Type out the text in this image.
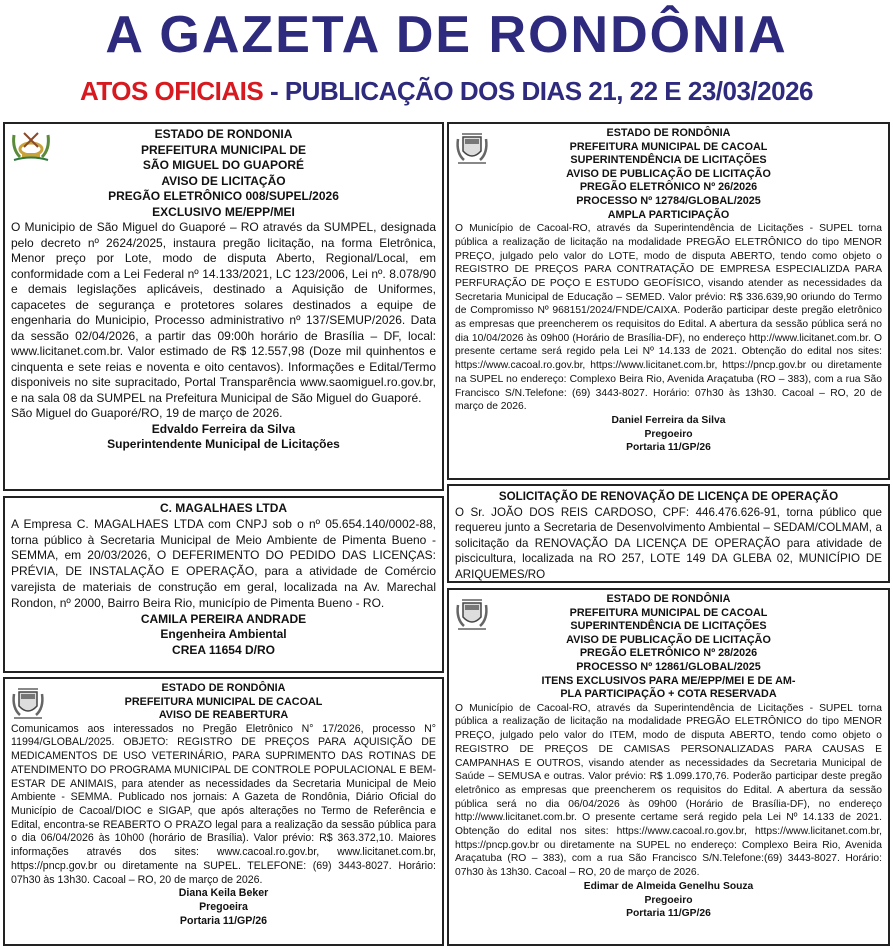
A GAZETA DE RONDÔNIA
ATOS OFICIAIS - PUBLICAÇÃO DOS DIAS 21, 22 E 23/03/2026
ESTADO DE RONDONIA
PREFEITURA MUNICIPAL DE
SÃO MIGUEL DO GUAPORÉ
AVISO DE LICITAÇÃO
PREGÃO ELETRÔNICO 008/SUPEL/2026
EXCLUSIVO ME/EPP/MEI
O Municipio de São Miguel do Guaporé – RO através da SUMPEL, designada pelo decreto nº 2624/2025, instaura pregão licitação, na forma Eletrônica, Menor preço por Lote, modo de disputa Aberto, Regional/Local, em conformidade com a Lei Federal nº 14.133/2021, LC 123/2006, Lei nº. 8.078/90 e demais legislações aplicáveis, destinado a Aquisição de Uniformes, capacetes de segurança e protetores solares destinados a equipe de engenharia do Municipio, Processo administrativo nº 137/SEMUP/2026. Data da sessão 02/04/2026, a partir das 09:00h horário de Brasília – DF, local: www.licitanet.com.br. Valor estimado de R$ 12.557,98 (Doze mil quinhentos e cinquenta e sete reias e noventa e oito centavos). Informações e Edital/Termo disponiveis no site supracitado, Portal Transparência www.saomiguel.ro.gov.br, e na sala 08 da SUMPEL na Prefeitura Municipal de São Miguel do Guaporé.
São Miguel do Guaporé/RO, 19 de março de 2026.
Edvaldo Ferreira da Silva
Superintendente Municipal de Licitações
C. MAGALHAES LTDA
A Empresa C. MAGALHAES LTDA com CNPJ sob o nº 05.654.140/0002-88, torna público à Secretaria Municipal de Meio Ambiente de Pimenta Bueno - SEMMA, em 20/03/2026, O DEFERIMENTO DO PEDIDO DAS LICENÇAS: PRÉVIA, DE INSTALAÇÃO E OPERAÇÃO, para a atividade de Comércio varejista de materiais de construção em geral, localizada na Av. Marechal Rondon, nº 2000, Bairro Beira Rio, município de Pimenta Bueno - RO.
CAMILA PEREIRA ANDRADE
Engenheira Ambiental
CREA 11654 D/RO
ESTADO DE RONDÔNIA
PREFEITURA MUNICIPAL DE CACOAL
AVISO DE REABERTURA
Comunicamos aos interessados no Pregão Eletrônico N° 17/2026, processo N° 11994/GLOBAL/2025. OBJETO: REGISTRO DE PREÇOS PARA AQUISIÇÃO DE MEDICAMENTOS DE USO VETERINÁRIO, PARA SUPRIMENTO DAS ROTINAS DE ATENDIMENTO DO PROGRAMA MUNICIPAL DE CONTROLE POPULACIONAL E BEM-ESTAR DE ANIMAIS, para atender as necessidades da Secretaria Municipal de Meio Ambiente - SEMMA. Publicado nos jornais: A Gazeta de Rondônia, Diário Oficial do Município de Cacoal/DIOC e SIGAP, que após alterações no Termo de Referência e Edital, encontra-se REABERTO O PRAZO legal para a realização da sessão pública para o dia 06/04/2026 às 10h00 (horário de Brasília). Valor prévio: R$ 363.372,10. Maiores informações através dos sites: www.cacoal.ro.gov.br, www.licitanet.com.br, https://pncp.gov.br ou diretamente na SUPEL. TELEFONE: (69) 3443-8027. Horário: 07h30 às 13h30. Cacoal – RO, 20 de março de 2026.
Diana Keila Beker
Pregoeira
Portaria 11/GP/26
ESTADO DE RONDÔNIA
PREFEITURA MUNICIPAL DE CACOAL
SUPERINTENDÊNCIA DE LICITAÇÕES
AVISO DE PUBLICAÇÃO DE LICITAÇÃO
PREGÃO ELETRÔNICO Nº 26/2026
PROCESSO Nº 12784/GLOBAL/2025
AMPLA PARTICIPAÇÃO
O Município de Cacoal-RO, através da Superintendência de Licitações - SUPEL torna pública a realização de licitação na modalidade PREGÃO ELETRÔNICO do tipo MENOR PREÇO, julgado pelo valor do LOTE, modo de disputa ABERTO, tendo como objeto o REGISTRO DE PREÇOS PARA CONTRATAÇÃO DE EMPRESA ESPECIALIZDA PARA PERFURAÇÃO DE POÇO E ESTUDO GEOFÍSICO, visando atender as necessidades da Secretaria Municipal de Educação – SEMED. Valor prévio: R$ 336.639,90 oriundo do Termo de Compromisso Nº 968151/2024/FNDE/CAIXA. Poderão participar deste pregão eletrônico as empresas que preencherem os requisitos do Edital. A abertura da sessão pública será no dia 10/04/2026 às 09h00 (Horário de Brasília-DF), no endereço http://www.licitanet.com.br. O presente certame será regido pela Lei Nº 14.133 de 2021. Obtenção do edital nos sites: https://www.cacoal.ro.gov.br, https://www.licitanet.com.br, https://pncp.gov.br ou diretamente na SUPEL no endereço: Complexo Beira Rio, Avenida Araçatuba (RO – 383), com a rua São Francisco S/N.Telefone: (69) 3443-8027. Horário: 07h30 às 13h30. Cacoal – RO, 20 de março de 2026.
Daniel Ferreira da Silva
Pregoeiro
Portaria 11/GP/26
SOLICITAÇÃO DE RENOVAÇÃO DE LICENÇA DE OPERAÇÃO
O Sr. JOÃO DOS REIS CARDOSO, CPF: 446.476.626-91, torna público que requereu junto a Secretaria de Desenvolvimento Ambiental – SEDAM/COLMAM, a solicitação da RENOVAÇÃO DA LICENÇA DE OPERAÇÃO para atividade de piscicultura, localizada na RO 257, LOTE 149 DA GLEBA 02, MUNICÍPIO DE ARIQUEMES/RO
ESTADO DE RONDÔNIA
PREFEITURA MUNICIPAL DE CACOAL
SUPERINTENDÊNCIA DE LICITAÇÕES
AVISO DE PUBLICAÇÃO DE LICITAÇÃO
PREGÃO ELETRÔNICO Nº 28/2026
PROCESSO Nº 12861/GLOBAL/2025
ITENS EXCLUSIVOS PARA ME/EPP/MEI E DE AM-
PLA PARTICIPAÇÃO + COTA RESERVADA
O Município de Cacoal-RO, através da Superintendência de Licitações - SUPEL torna pública a realização de licitação na modalidade PREGÃO ELETRÔNICO do tipo MENOR PREÇO, julgado pelo valor do ITEM, modo de disputa ABERTO, tendo como objeto o REGISTRO DE PREÇOS DE CAMISAS PERSONALIZADAS PARA CAUSAS E CAMPANHAS E OUTROS, visando atender as necessidades da Secretaria Municipal de Saúde – SEMUSA e outras. Valor prévio: R$ 1.099.170,76. Poderão participar deste pregão eletrônico as empresas que preencherem os requisitos do Edital. A abertura da sessão pública será no dia 06/04/2026 às 09h00 (Horário de Brasília-DF), no endereço http://www.licitanet.com.br. O presente certame será regido pela Lei Nº 14.133 de 2021. Obtenção do edital nos sites: https://www.cacoal.ro.gov.br, https://www.licitanet.com.br, https://pncp.gov.br ou diretamente na SUPEL no endereço: Complexo Beira Rio, Avenida Araçatuba (RO – 383), com a rua São Francisco S/N.Telefone:(69) 3443-8027. Horário: 07h30 às 13h30. Cacoal – RO, 20 de março de 2026.
Edimar de Almeida Genelhu Souza
Pregoeiro
Portaria 11/GP/26
